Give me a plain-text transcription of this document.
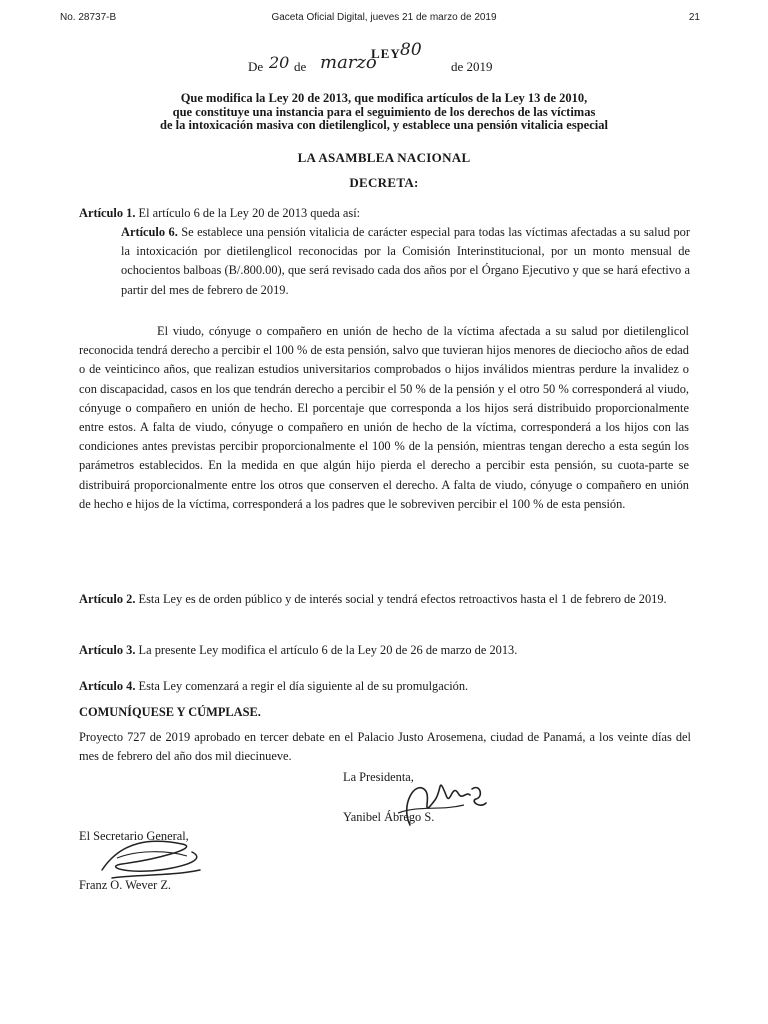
No. 28737-B	Gaceta Oficial Digital, jueves 21 de marzo de 2019	21
LEY 80
De 20 de marzo	de 2019
Que modifica la Ley 20 de 2013, que modifica artículos de la Ley 13 de 2010,
que constituye una instancia para el seguimiento de los derechos de las víctimas
de la intoxicación masiva con dietilenglicol, y establece una pensión vitalicia especial
LA ASAMBLEA NACIONAL
DECRETA:
Artículo 1. El artículo 6 de la Ley 20 de 2013 queda así:
Artículo 6. Se establece una pensión vitalicia de carácter especial para todas las víctimas afectadas a su salud por la intoxicación por dietilenglicol reconocidas por la Comisión Interinstitucional, por un monto mensual de ochocientos balboas (B/.800.00), que será revisado cada dos años por el Órgano Ejecutivo y que se hará efectivo a partir del mes de febrero de 2019.
El viudo, cónyuge o compañero en unión de hecho de la víctima afectada a su salud por dietilenglicol reconocida tendrá derecho a percibir el 100 % de esta pensión, salvo que tuvieran hijos menores de dieciocho años de edad o de veinticinco años, que realizan estudios universitarios comprobados o hijos inválidos mientras perdure la invalidez o con discapacidad, casos en los que tendrán derecho a percibir el 50 % de la pensión y el otro 50 % corresponderá al viudo, cónyuge o compañero en unión de hecho. El porcentaje que corresponda a los hijos será distribuido proporcionalmente entre estos. A falta de viudo, cónyuge o compañero en unión de hecho de la víctima, corresponderá a los hijos con las condiciones antes previstas percibir proporcionalmente el 100 % de la pensión, mientras tengan derecho a esta según los parámetros establecidos. En la medida en que algún hijo pierda el derecho a percibir esta pensión, su cuota-parte se distribuirá proporcionalmente entre los otros que conserven el derecho. A falta de viudo, cónyuge o compañero en unión de hecho e hijos de la víctima, corresponderá a los padres que le sobreviven percibir el 100 % de esta pensión.
Artículo 2. Esta Ley es de orden público y de interés social y tendrá efectos retroactivos hasta el 1 de febrero de 2019.
Artículo 3. La presente Ley modifica el artículo 6 de la Ley 20 de 26 de marzo de 2013.
Artículo 4. Esta Ley comenzará a regir el día siguiente al de su promulgación.
COMUNÍQUESE Y CÚMPLASE.
Proyecto 727 de 2019 aprobado en tercer debate en el Palacio Justo Arosemena, ciudad de Panamá, a los veinte días del mes de febrero del año dos mil diecinueve.
La Presidenta,
Yanibel Ábrego S.
El Secretario General,
Franz O. Wever Z.
